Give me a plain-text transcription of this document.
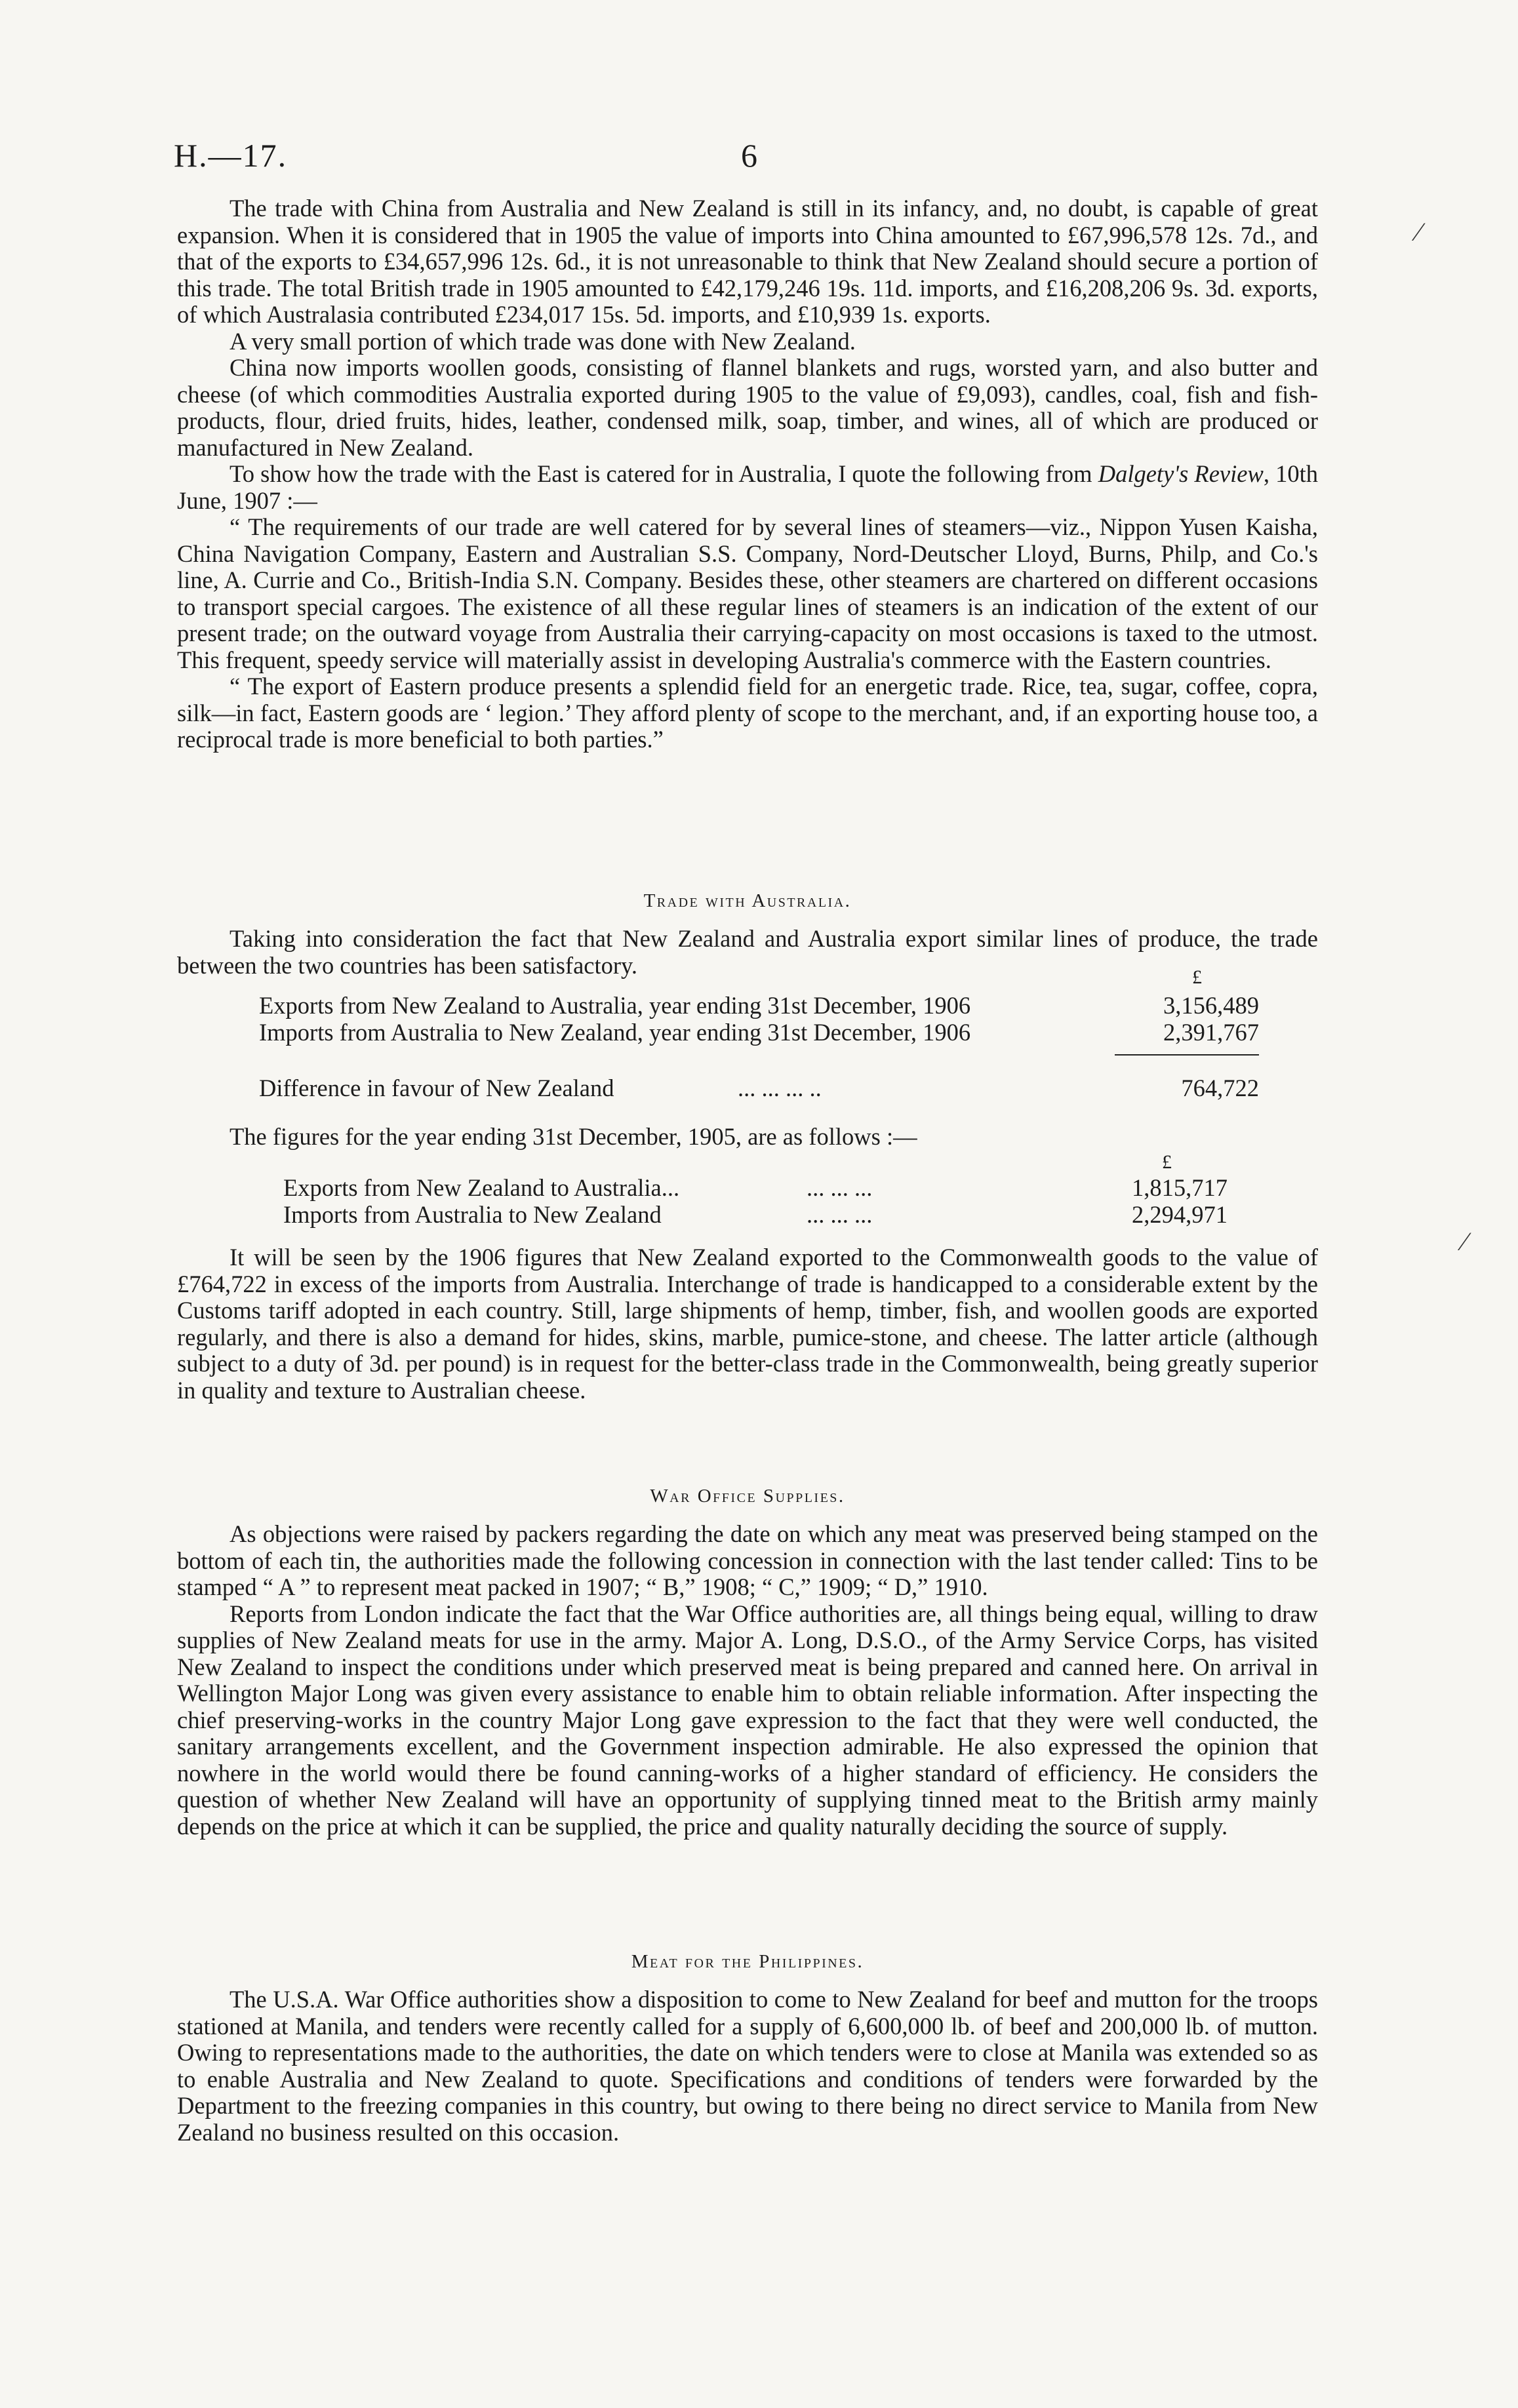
H.—17.	6
⁄
⁄

The trade with China from Australia and New Zealand is still in its infancy, and, no doubt, is capable of great expansion. When it is considered that in 1905 the value of imports into China amounted to £67,996,578 12s. 7d., and that of the exports to £34,657,996 12s. 6d., it is not unreasonable to think that New Zealand should secure a portion of this trade. The total British trade in 1905 amounted to £42,179,246 19s. 11d. imports, and £16,208,206 9s. 3d. exports, of which Australasia contributed £234,017 15s. 5d. imports, and £10,939 1s. exports.

A very small portion of which trade was done with New Zealand.

China now imports woollen goods, consisting of flannel blankets and rugs, worsted yarn, and also butter and cheese (of which commodities Australia exported during 1905 to the value of £9,093), candles, coal, fish and fish-products, flour, dried fruits, hides, leather, condensed milk, soap, timber, and wines, all of which are produced or manufactured in New Zealand.

To show how the trade with the East is catered for in Australia, I quote the following from Dalgety's Review, 10th June, 1907 :—

“ The requirements of our trade are well catered for by several lines of steamers—viz., Nippon Yusen Kaisha, China Navigation Company, Eastern and Australian S.S. Company, Nord-Deutscher Lloyd, Burns, Philp, and Co.'s line, A. Currie and Co., British-India S.N. Company. Besides these, other steamers are chartered on different occasions to transport special cargoes. The existence of all these regular lines of steamers is an indication of the extent of our present trade; on the outward voyage from Australia their carrying-capacity on most occasions is taxed to the utmost. This frequent, speedy service will materially assist in developing Australia's commerce with the Eastern countries.

“ The export of Eastern produce presents a splendid field for an energetic trade. Rice, tea, sugar, coffee, copra, silk—in fact, Eastern goods are ‘ legion.’ They afford plenty of scope to the merchant, and, if an exporting house too, a reciprocal trade is more beneficial to both parties.”

Trade with Australia.

Taking into consideration the fact that New Zealand and Australia export similar lines of produce, the trade between the two countries has been satisfactory.	£
Exports from New Zealand to Australia, year ending 31st December, 1906	3,156,489
Imports from Australia to New Zealand, year ending 31st December, 1906	2,391,767
Difference in favour of New Zealand	... ... ... ..	764,722
The figures for the year ending 31st December, 1905, are as follows :—
£
Exports from New Zealand to Australia...	... ... ...	1,815,717
Imports from Australia to New Zealand	... ... ...	2,294,971

It will be seen by the 1906 figures that New Zealand exported to the Commonwealth goods to the value of £764,722 in excess of the imports from Australia. Interchange of trade is handicapped to a considerable extent by the Customs tariff adopted in each country. Still, large shipments of hemp, timber, fish, and woollen goods are exported regularly, and there is also a demand for hides, skins, marble, pumice-stone, and cheese. The latter article (although subject to a duty of 3d. per pound) is in request for the better-class trade in the Commonwealth, being greatly superior in quality and texture to Australian cheese.

War Office Supplies.

As objections were raised by packers regarding the date on which any meat was preserved being stamped on the bottom of each tin, the authorities made the following concession in connection with the last tender called: Tins to be stamped “ A ” to represent meat packed in 1907; “ B,” 1908; “ C,” 1909; “ D,” 1910.

Reports from London indicate the fact that the War Office authorities are, all things being equal, willing to draw supplies of New Zealand meats for use in the army. Major A. Long, D.S.O., of the Army Service Corps, has visited New Zealand to inspect the conditions under which preserved meat is being prepared and canned here. On arrival in Wellington Major Long was given every assistance to enable him to obtain reliable information. After inspecting the chief preserving-works in the country Major Long gave expression to the fact that they were well conducted, the sanitary arrangements excellent, and the Government inspection admirable. He also expressed the opinion that nowhere in the world would there be found canning-works of a higher standard of efficiency. He considers the question of whether New Zealand will have an opportunity of supplying tinned meat to the British army mainly depends on the price at which it can be supplied, the price and quality naturally deciding the source of supply.

Meat for the Philippines.

The U.S.A. War Office authorities show a disposition to come to New Zealand for beef and mutton for the troops stationed at Manila, and tenders were recently called for a supply of 6,600,000 lb. of beef and 200,000 lb. of mutton. Owing to representations made to the authorities, the date on which tenders were to close at Manila was extended so as to enable Australia and New Zealand to quote. Specifications and conditions of tenders were forwarded by the Department to the freezing companies in this country, but owing to there being no direct service to Manila from New Zealand no business resulted on this occasion.
